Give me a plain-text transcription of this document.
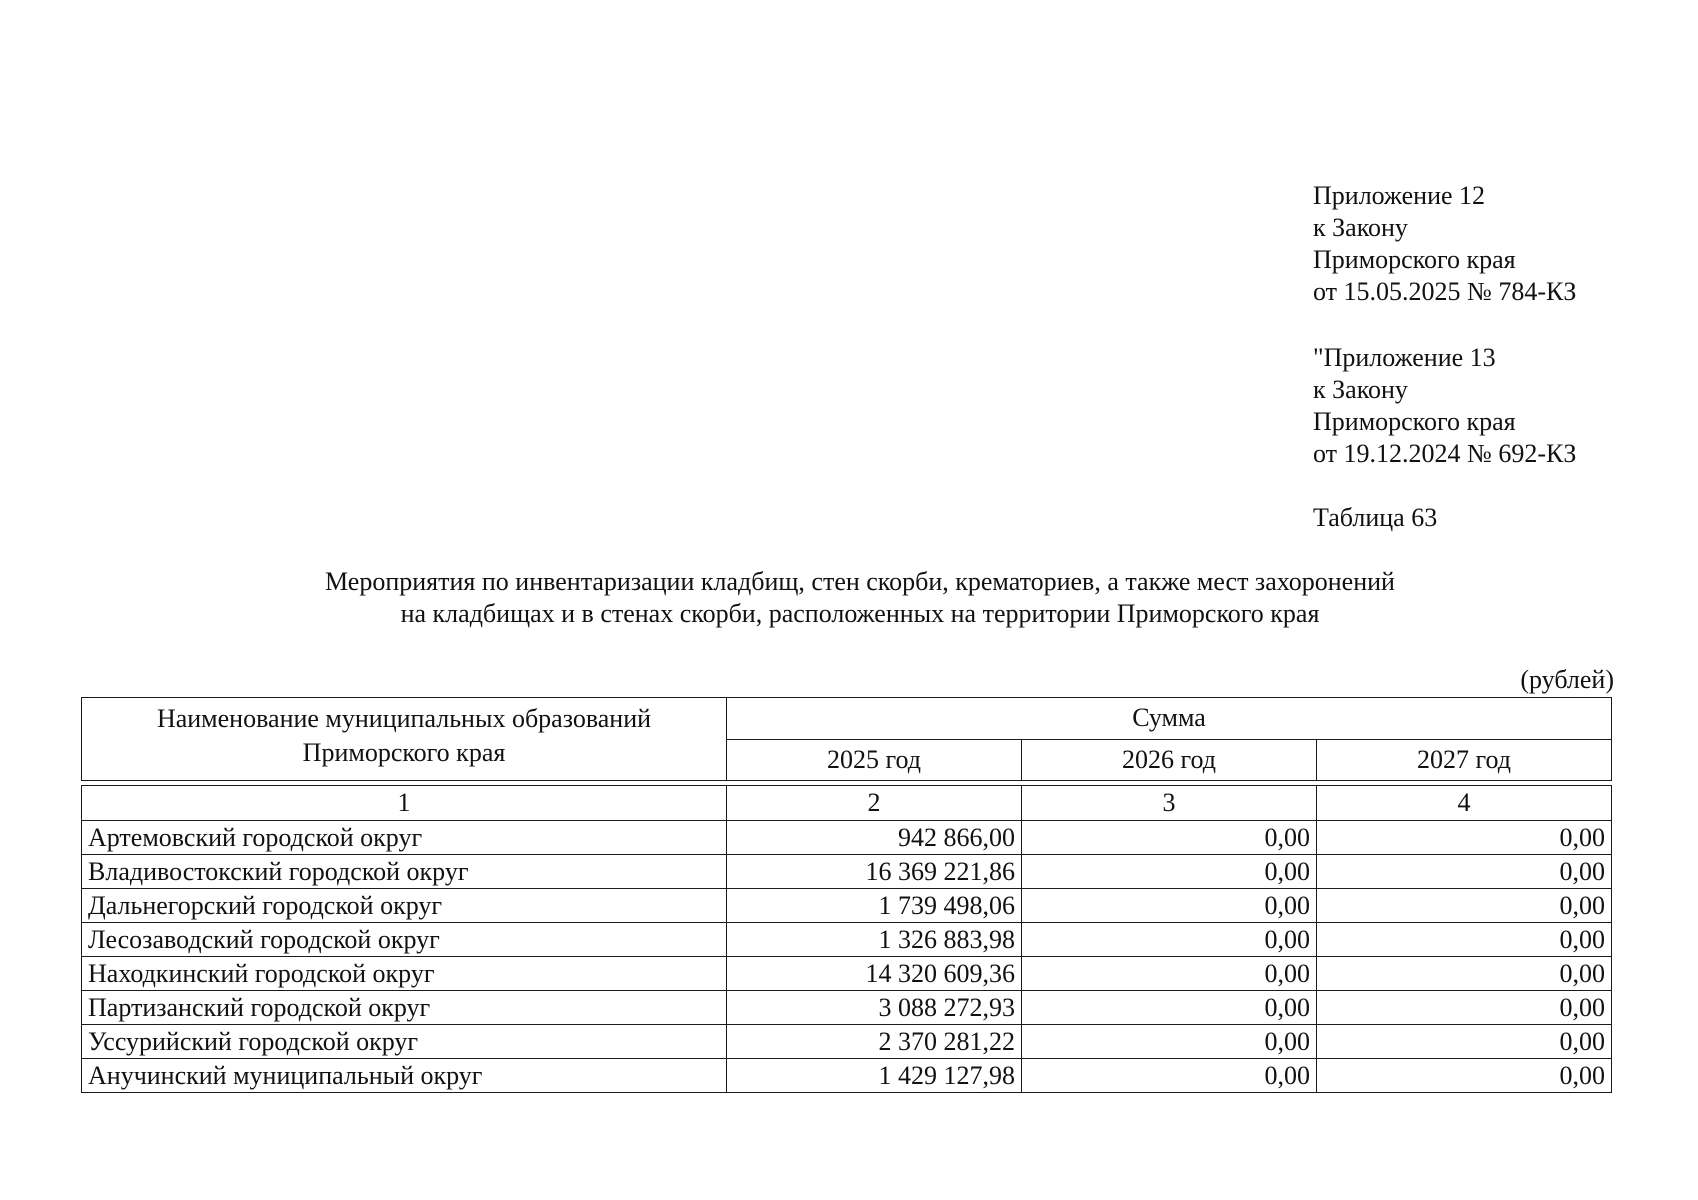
Приложение 12
к Закону
Приморского края
от 15.05.2025 № 784-КЗ
"Приложение 13
к Закону
Приморского края
от 19.12.2024 № 692-КЗ
Таблица 63
Мероприятия по инвентаризации кладбищ, стен скорби, крематориев, а также мест захоронений
на кладбищах и в стенах скорби, расположенных на территории Приморского края
(рублей)
Наименование муниципальных образований Приморского края	Сумма		
	2025 год	2026 год	2027 год

1	2	3	4
Артемовский городской округ	942 866,00	0,00	0,00
Владивостокский городской округ	16 369 221,86	0,00	0,00
Дальнегорский городской округ	1 739 498,06	0,00	0,00
Лесозаводский городской округ	1 326 883,98	0,00	0,00
Находкинский городской округ	14 320 609,36	0,00	0,00
Партизанский городской округ	3 088 272,93	0,00	0,00
Уссурийский городской округ	2 370 281,22	0,00	0,00
Анучинский муниципальный округ	1 429 127,98	0,00	0,00
